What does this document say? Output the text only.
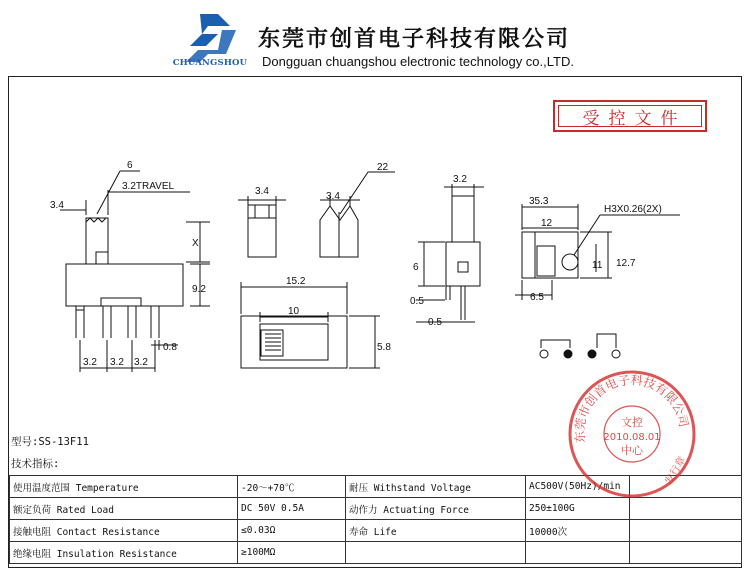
CHUANGSHOU
东莞市创首电子科技有限公司
Dongguan chuangshou electronic technology co.,LTD.
受控文件
6
3.2TRAVEL
3.4
X
9.2
3.2 3.2 3.2
0.8
3.4	3.4
22
15.2
10
5.8
3.2
6
0.5
0.5
35.3
12
H3X0.26(2X)
11 12.7
6.5
型号:SS-13F11
技术指标:
使用温度范围 Temperature	-20～+70℃	耐压 Withstand Voltage	AC500V(50Hz)/min	
额定负荷 Rated Load	DC 50V 0.5A	动作力 Actuating Force	250±100G	
接触电阻 Contact Resistance	≤0.03Ω	寿命 Life	10000次	
绝缘电阻 Insulation Resistance	≥100MΩ			
东莞市创首电子科技有限公司
文控
2010.08.01
中心
发行章
